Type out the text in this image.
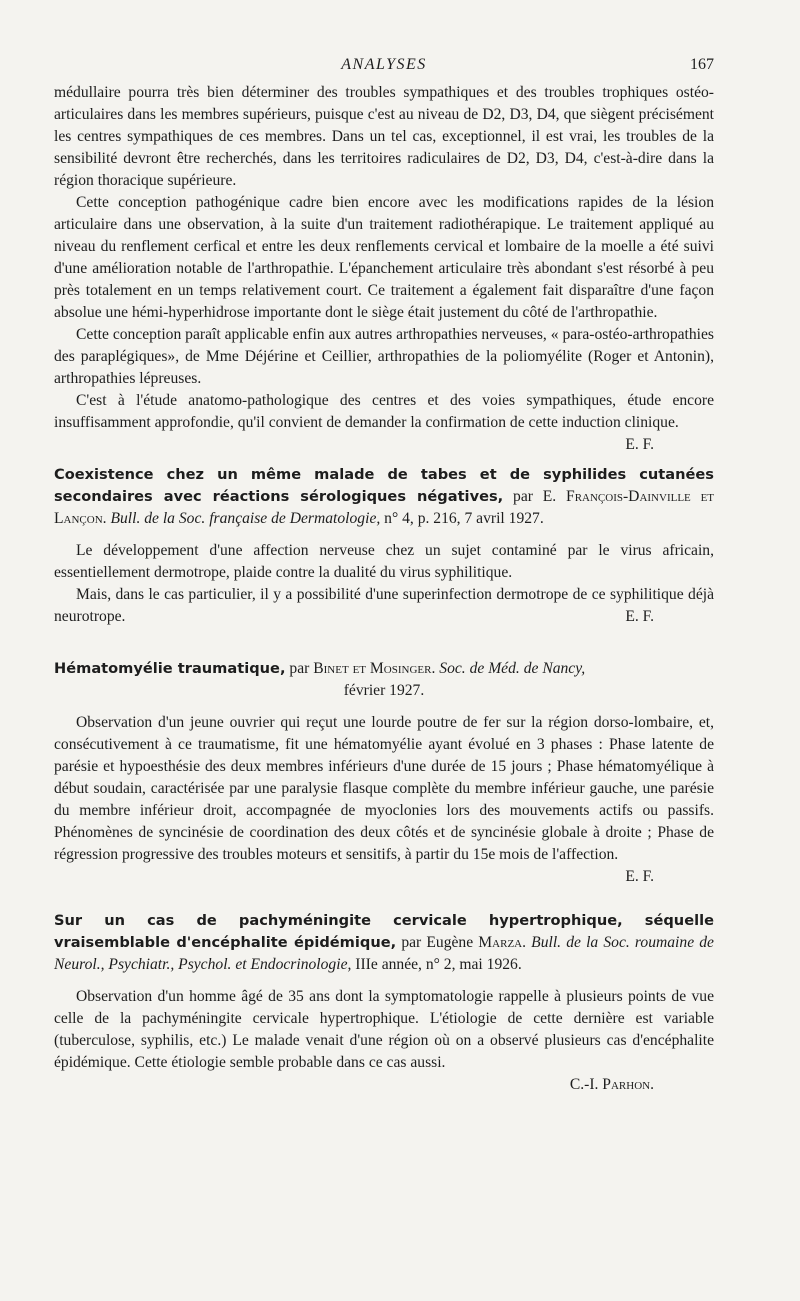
ANALYSES	167

médullaire pourra très bien déterminer des troubles sympathiques et des troubles trophiques ostéo-articulaires dans les membres supérieurs, puisque c'est au niveau de D2, D3, D4, que siègent précisément les centres sympathiques de ces membres. Dans un tel cas, exceptionnel, il est vrai, les troubles de la sensibilité devront être recherchés, dans les territoires radiculaires de D2, D3, D4, c'est-à-dire dans la région thoracique supérieure.

Cette conception pathogénique cadre bien encore avec les modifications rapides de la lésion articulaire dans une observation, à la suite d'un traitement radiothérapique. Le traitement appliqué au niveau du renflement cerfical et entre les deux renflements cervical et lombaire de la moelle a été suivi d'une amélioration notable de l'arthropathie. L'épanchement articulaire très abondant s'est résorbé à peu près totalement en un temps relativement court. Ce traitement a également fait disparaître d'une façon absolue une hémi-hyperhidrose importante dont le siège était justement du côté de l'arthropathie.

Cette conception paraît applicable enfin aux autres arthropathies nerveuses, « para-ostéo-arthropathies des paraplégiques», de Mme Déjérine et Ceillier, arthropathies de la poliomyélite (Roger et Antonin), arthropathies lépreuses.

C'est à l'étude anatomo-pathologique des centres et des voies sympathiques, étude encore insuffisamment approfondie, qu'il convient de demander la confirmation de cette induction clinique.
E. F.

Coexistence chez un même malade de tabes et de syphilides cutanées secondaires avec réactions sérologiques négatives, par E. François-Dainville et Lançon. Bull. de la Soc. française de Dermatologie, n° 4, p. 216, 7 avril 1927.

Le développement d'une affection nerveuse chez un sujet contaminé par le virus africain, essentiellement dermotrope, plaide contre la dualité du virus syphilitique.

Mais, dans le cas particulier, il y a possibilité d'une superinfection dermotrope de ce syphilitique déjà neurotrope.	E. F.

Hématomyélie traumatique, par Binet et Mosinger. Soc. de Méd. de Nancy,
février 1927.

Observation d'un jeune ouvrier qui reçut une lourde poutre de fer sur la région dorso-lombaire, et, consécutivement à ce traumatisme, fit une hématomyélie ayant évolué en 3 phases : Phase latente de parésie et hypoesthésie des deux membres inférieurs d'une durée de 15 jours ; Phase hématomyélique à début soudain, caractérisée par une paralysie flasque complète du membre inférieur gauche, une parésie du membre inférieur droit, accompagnée de myoclonies lors des mouvements actifs ou passifs. Phénomènes de syncinésie de coordination des deux côtés et de syncinésie globale à droite ; Phase de régression progressive des troubles moteurs et sensitifs, à partir du 15e mois de l'affection.

E. F.
Sur un cas de pachyméningite cervicale hypertrophique, séquelle vraisemblable d'encéphalite épidémique, par Eugène Marza. Bull. de la Soc. roumaine de Neurol., Psychiatr., Psychol. et Endocrinologie, IIIe année, n° 2, mai 1926.

Observation d'un homme âgé de 35 ans dont la symptomatologie rappelle à plusieurs points de vue celle de la pachyméningite cervicale hypertrophique. L'étiologie de cette dernière est variable (tuberculose, syphilis, etc.) Le malade venait d'une région où on a observé plusieurs cas d'encéphalite épidémique. Cette étiologie semble probable dans ce cas aussi.

C.-I. Parhon.
